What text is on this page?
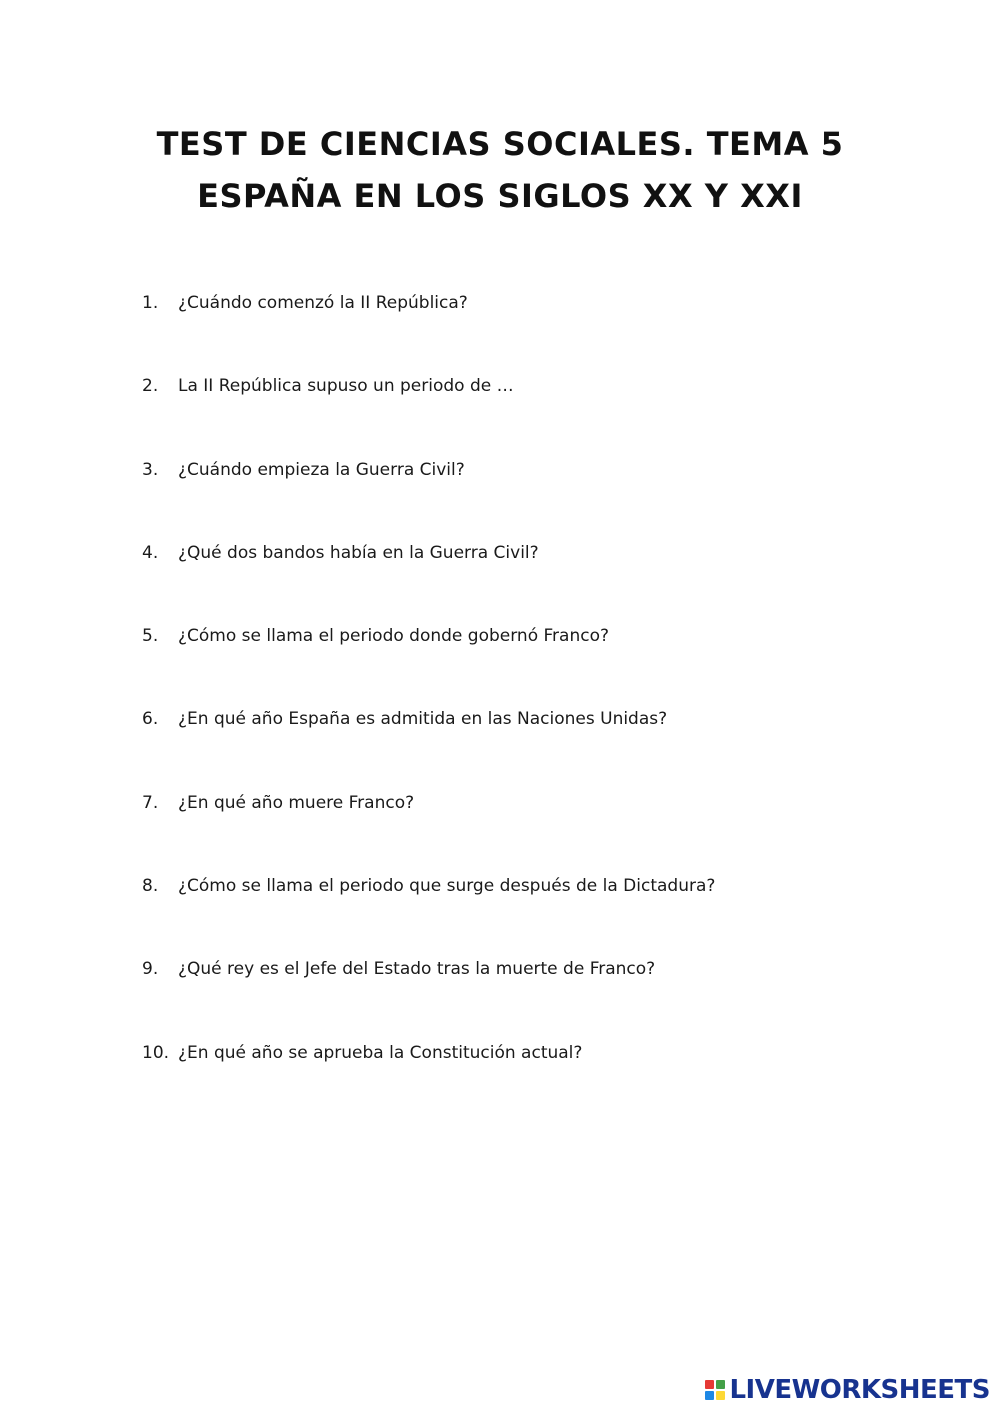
TEST DE CIENCIAS SOCIALES. TEMA 5
ESPAÑA EN LOS SIGLOS XX Y XXI
1.	¿Cuándo comenzó la II República?
2.	La II República supuso un periodo de …
3.	¿Cuándo empieza la Guerra Civil?
4.	¿Qué dos bandos había en la Guerra Civil?
5.	¿Cómo se llama el periodo donde gobernó Franco?
6.	¿En qué año España es admitida en las Naciones Unidas?
7.	¿En qué año muere Franco?
8.	¿Cómo se llama el periodo que surge después de la Dictadura?
9.	¿Qué rey es el Jefe del Estado tras la muerte de Franco?
10. ¿En qué año se aprueba la Constitución actual?
LIVEWORKSHEETS
